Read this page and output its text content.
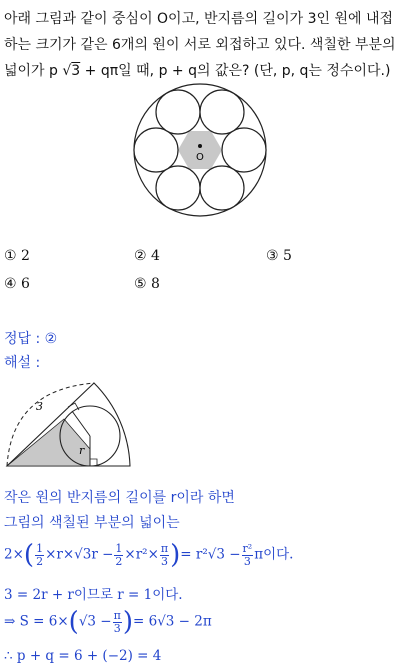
아래 그림과 같이 중심이 O이고, 반지름의 길이가 3인 원에 내접
하는 크기가 같은 6개의 원이 서로 외접하고 있다. 색칠한 부분의
넓이가 p √3 + qπ일 때, p + q의 값은? (단, p, q는 정수이다.)
O
① 2	② 4	③ 5
④ 6	⑤ 8
정답 : ②
해설 :
3
r
작은 원의 반지름의 길이를 r이라 하면
그림의 색칠된 부분의 넓이는
$2\times( \frac{1}{2} \times r\times√3r - \frac{1}{2} \times r^2\times \frac{\pi}{3}$ )= $r^2√3 - \frac{\text{r²}}{3}$ π이다.
3 = 2r + r이므로 r = 1이다.
⇒ $S = 6\times(√3 - \frac{\pi}{3}$ )= 6√3 − 2π
∴ p + q = 6 + (−2) = 4
